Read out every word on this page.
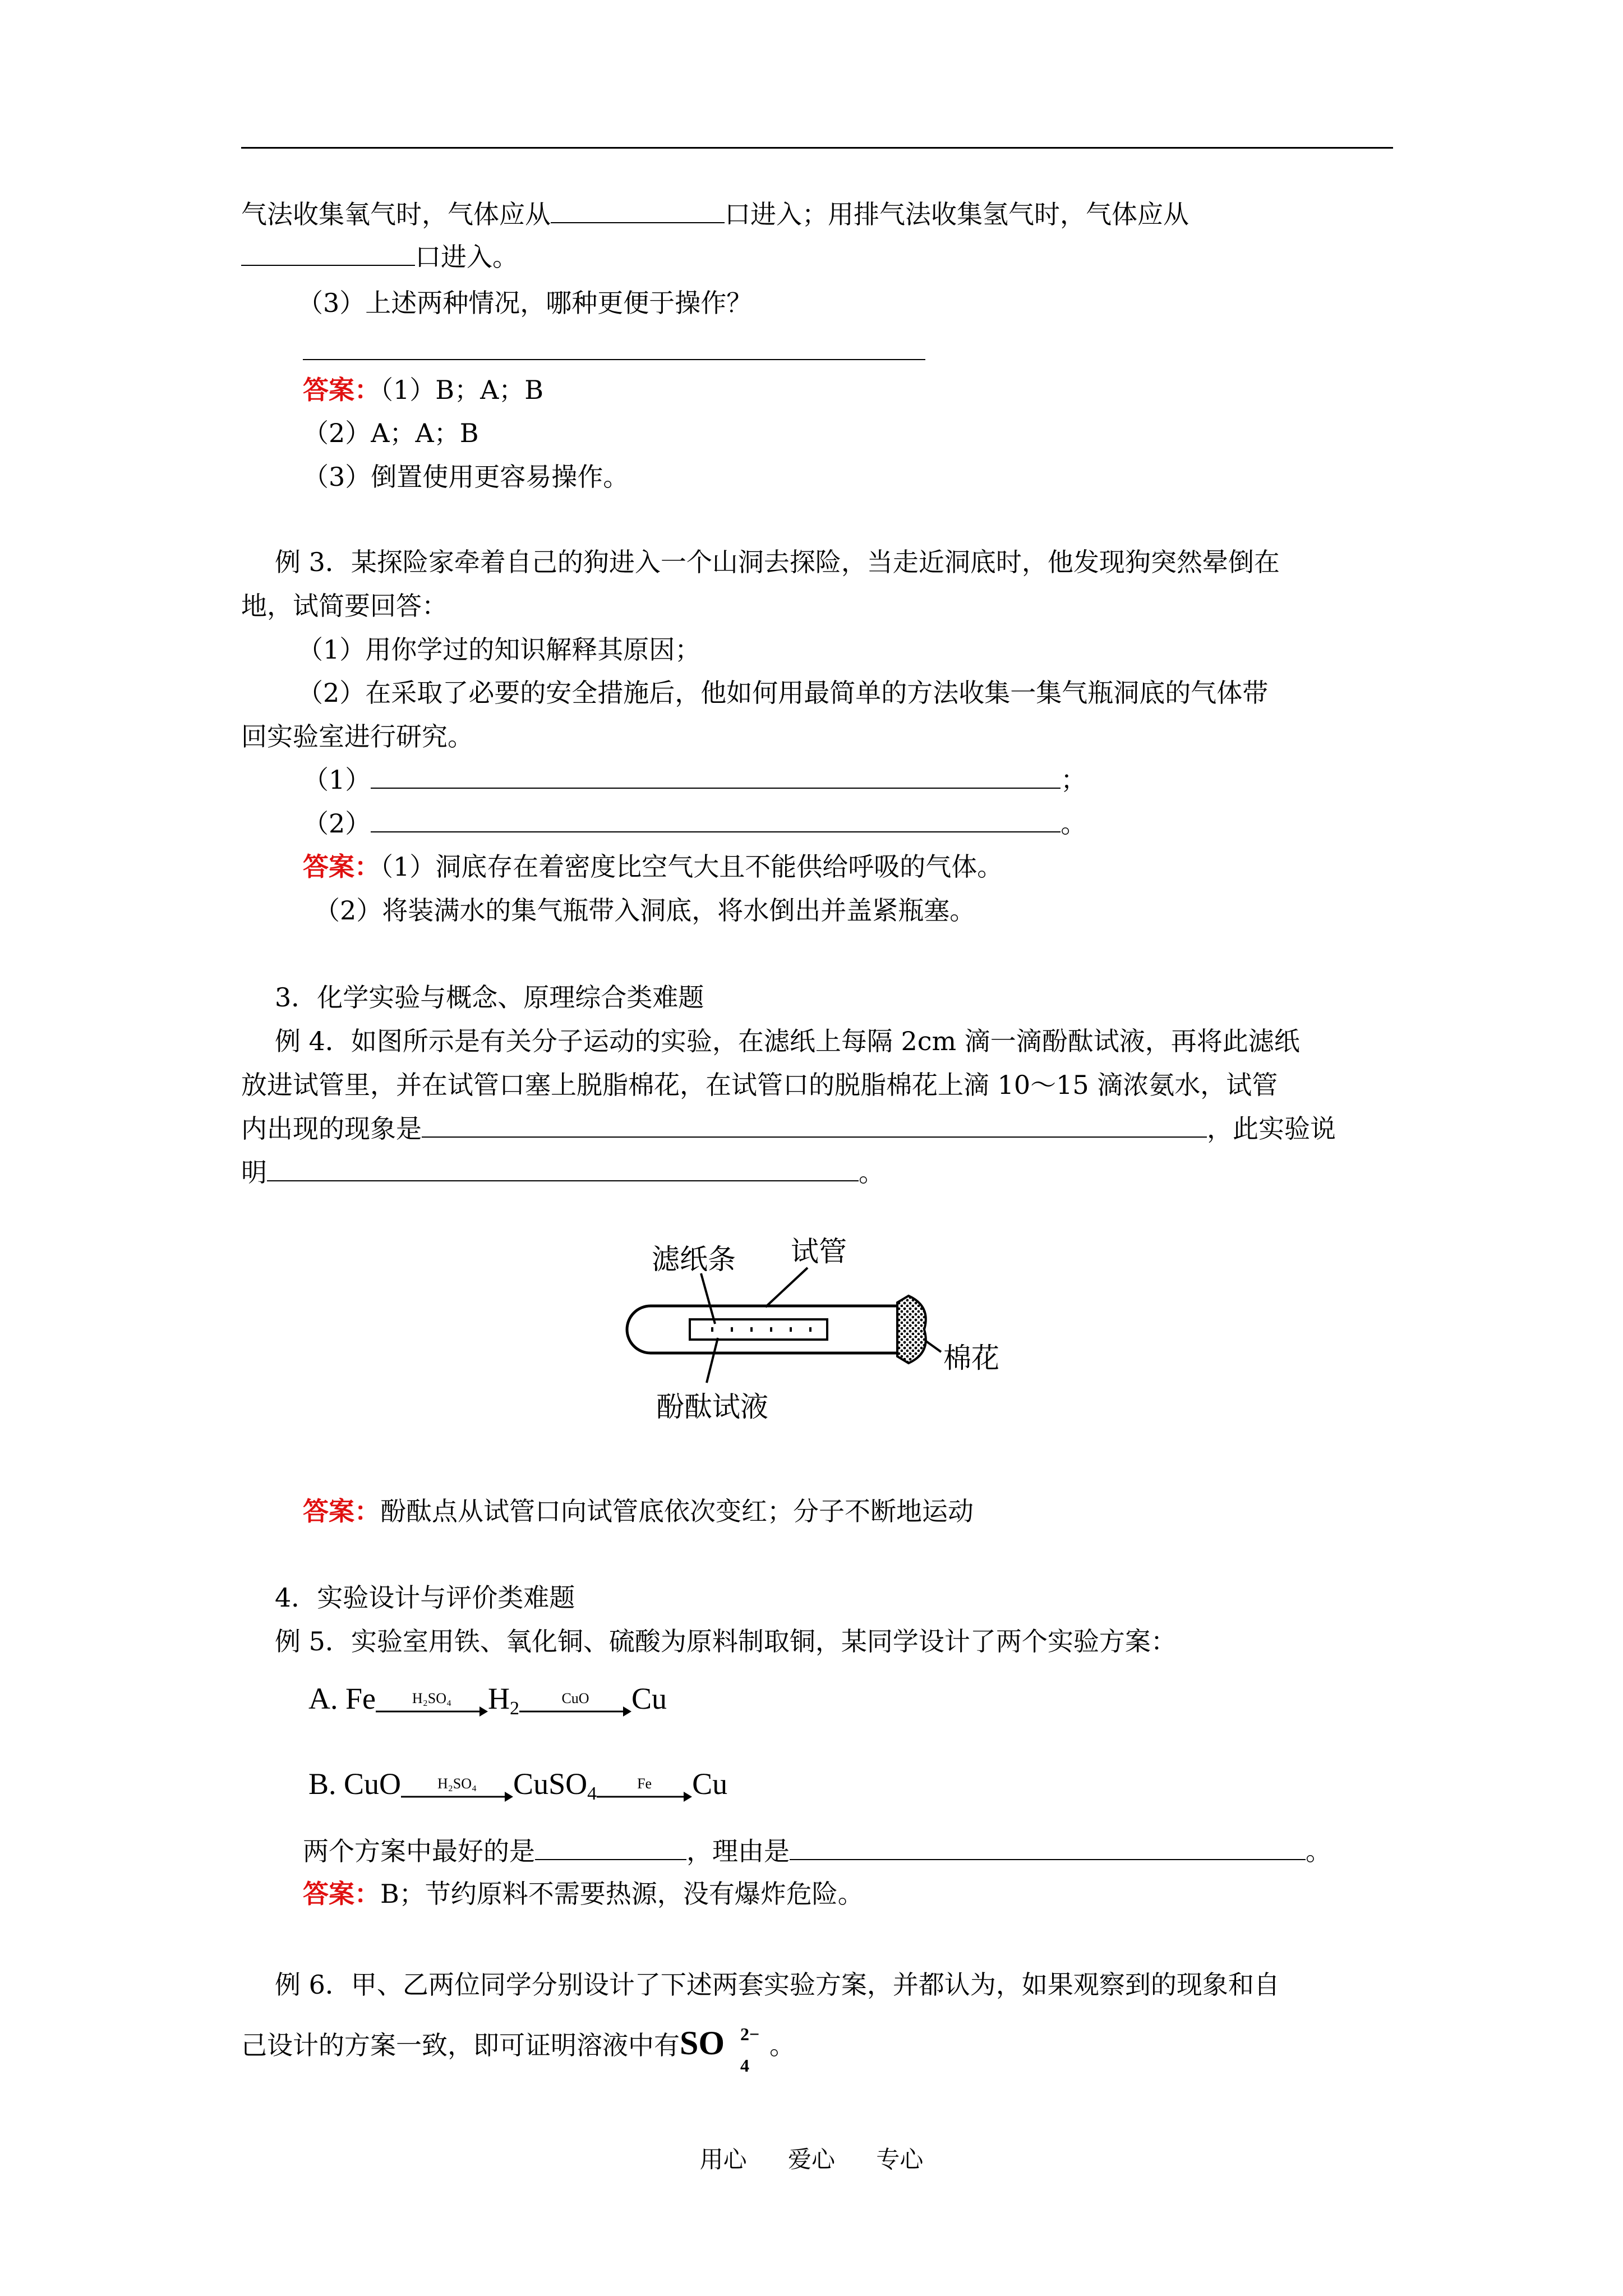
气法收集氧气时，气体应从	口进入；用排气法收集氢气时，气体应从
口进入。
（3）上述两种情况，哪种更便于操作？
答案：（1）B；A；B
（2）A；A；B
（3）倒置使用更容易操作。
例 3．某探险家牵着自己的狗进入一个山洞去探险，当走近洞底时，他发现狗突然晕倒在
地，试简要回答：
（1）用你学过的知识解释其原因；
（2）在采取了必要的安全措施后，他如何用最简单的方法收集一集气瓶洞底的气体带
回实验室进行研究。
（1）	；
（2）	。
答案：（1）洞底存在着密度比空气大且不能供给呼吸的气体。
（2）将装满水的集气瓶带入洞底，将水倒出并盖紧瓶塞。
3．化学实验与概念、原理综合类难题
例 4．如图所示是有关分子运动的实验，在滤纸上每隔 2cm 滴一滴酚酞试液，再将此滤纸
放进试管里，并在试管口塞上脱脂棉花，在试管口的脱脂棉花上滴 10～15 滴浓氨水，试管
内出现的现象是	，此实验说
明	。
滤纸条 试管
棉花
酚酞试液
答案：酚酞点从试管口向试管底依次变红；分子不断地运动
4．实验设计与评价类难题
例 5．实验室用铁、氧化铜、硫酸为原料制取铜，某同学设计了两个实验方案：
A. Fe	H₂SO₄	$H_2$	CuO	Cu
B. CuO	H₂SO₄	CuSO$_4$	Fe	Cu
两个方案中最好的是	，理由是	。
答案：B；节约原料不需要热源，没有爆炸危险。
例 6．甲、乙两位同学分别设计了下述两套实验方案，并都认为，如果观察到的现象和自
己设计的方案一致，即可证明溶液中有SO 2−
4
。
用心 爱心 专心
